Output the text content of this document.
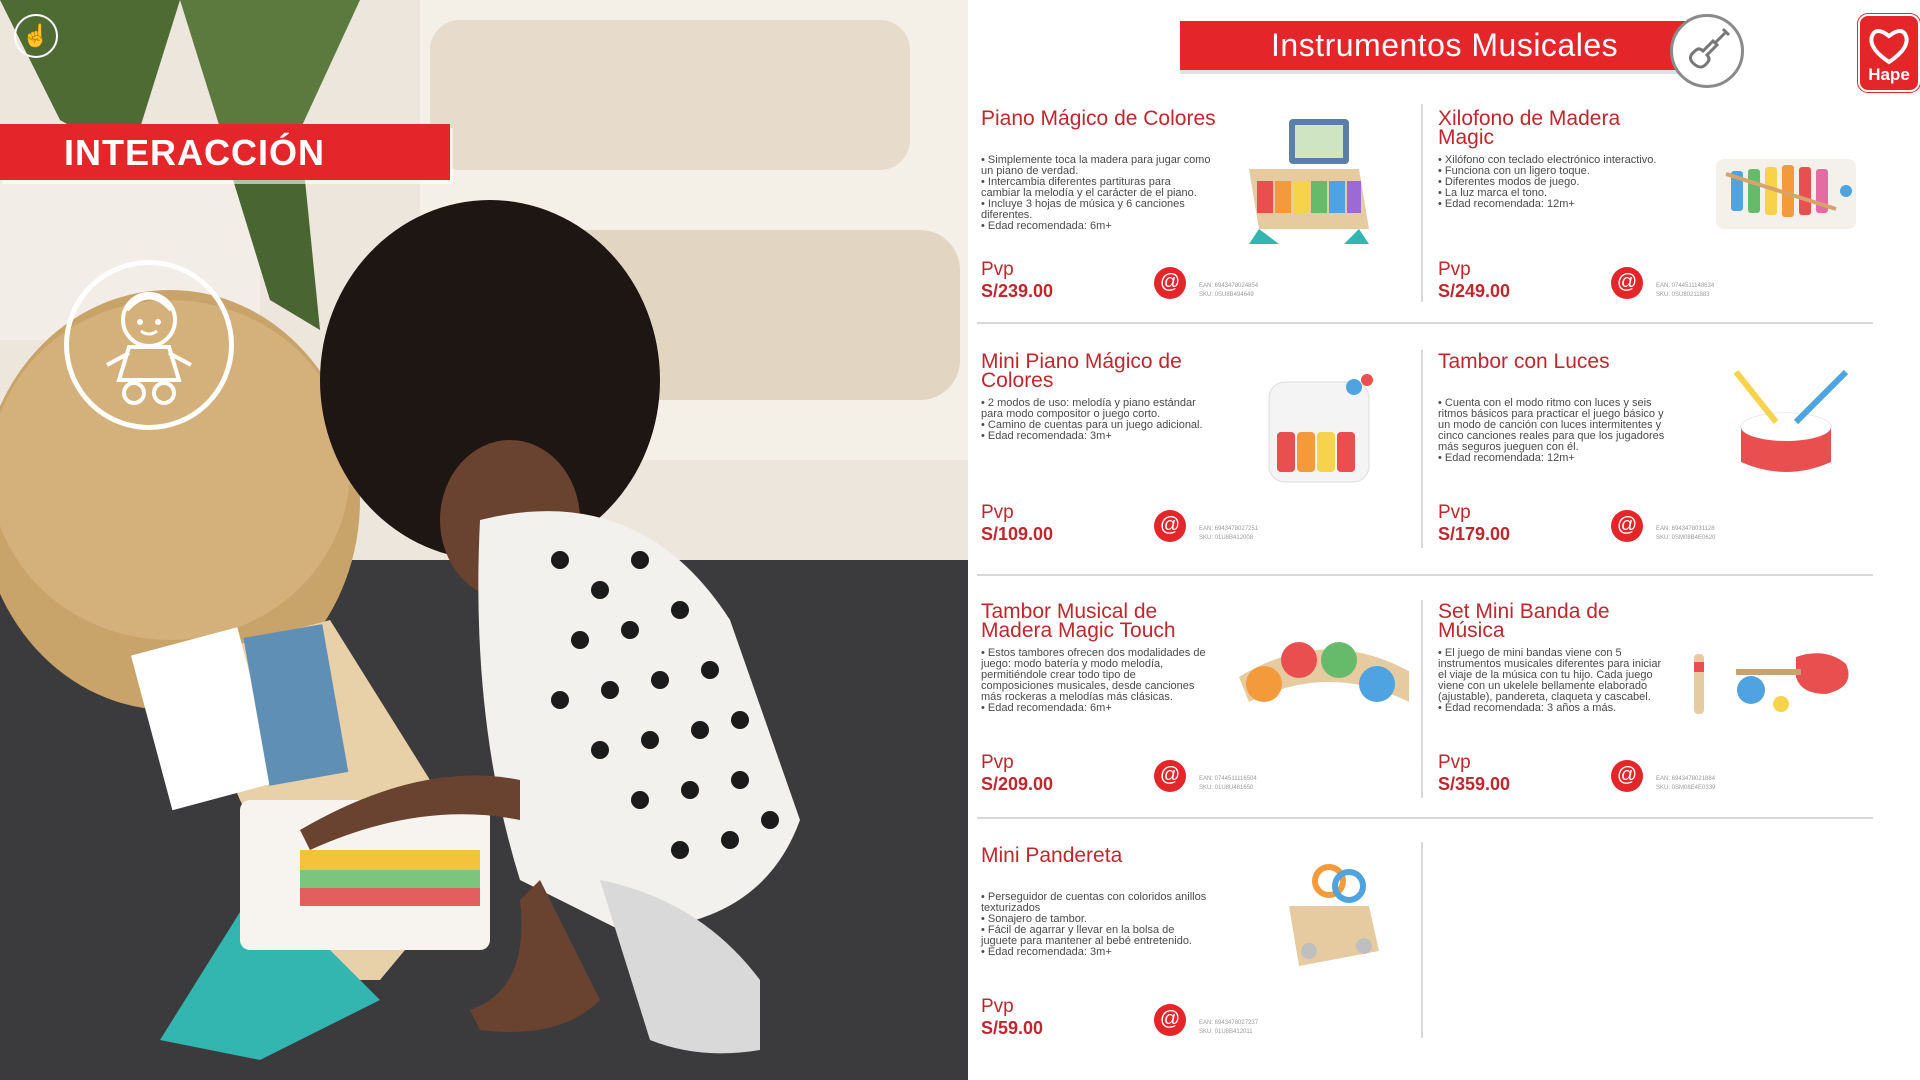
☝
INTERACCIÓN
Instrumentos Musicales
Hape
Piano Mágico de Colores
• Simplemente toca la madera para jugar como un piano de verdad.
• Intercambia diferentes partituras para cambiar la melodía y el carácter de el piano.
• Incluye 3 hojas de música y 6 canciones diferentes.
• Edad recomendada: 6m+
Pvp
S/239.00	@	EAN: 6943478024854
SKU: 0SU8B494649
Xilofono de Madera Magic
• Xilófono con teclado electrónico interactivo.
• Funciona con un ligero toque.
• Diferentes modos de juego.
• La luz marca el tono.
• Edad recomendada: 12m+
Pvp
S/249.00	@	EAN: 0744511148634
SKU: 0SU80211883
Mini Piano Mágico de Colores
• 2 modos de uso: melodía y piano estándar para modo compositor o juego corto.
• Camino de cuentas para un juego adicional.
• Edad recomendada: 3m+
Pvp
S/109.00	@	EAN: 6943478027251
SKU: 01U8B412008
Tambor con Luces
• Cuenta con el modo ritmo con luces y seis ritmos básicos para practicar el juego básico y un modo de canción con luces intermitentes y cinco canciones reales para que los jugadores más seguros jueguen con él.
• Edad recomendada: 12m+
Pvp
S/179.00	@	EAN: 6943478031128
SKU: 0SM08B4E0620
Tambor Musical de Madera Magic Touch
• Estos tambores ofrecen dos modalidades de juego: modo batería y modo melodía, permitiéndole crear todo tipo de composiciones musicales, desde canciones más rockeras a melodías más clásicas.
• Edad recomendada: 6m+
Pvp
S/209.00	@	EAN: 0744511116504
SKU: 01U8U481650
Set Mini Banda de Música
• El juego de mini bandas viene con 5 instrumentos musicales diferentes para iniciar el viaje de la música con tu hijo. Cada juego viene con un ukelele bellamente elaborado (ajustable), pandereta, claqueta y cascabel.
• Edad recomendada: 3 años a más.
Pvp
S/359.00	@	EAN: 6943478021884
SKU: 0SM08E4E0339
Mini Pandereta
• Perseguidor de cuentas con coloridos anillos texturizados
• Sonajero de tambor.
• Fácil de agarrar y llevar en la bolsa de juguete para mantener al bebé entretenido.
• Edad recomendada: 3m+
Pvp
S/59.00	@	EAN: 6943478027237
SKU: 01U8B412011
